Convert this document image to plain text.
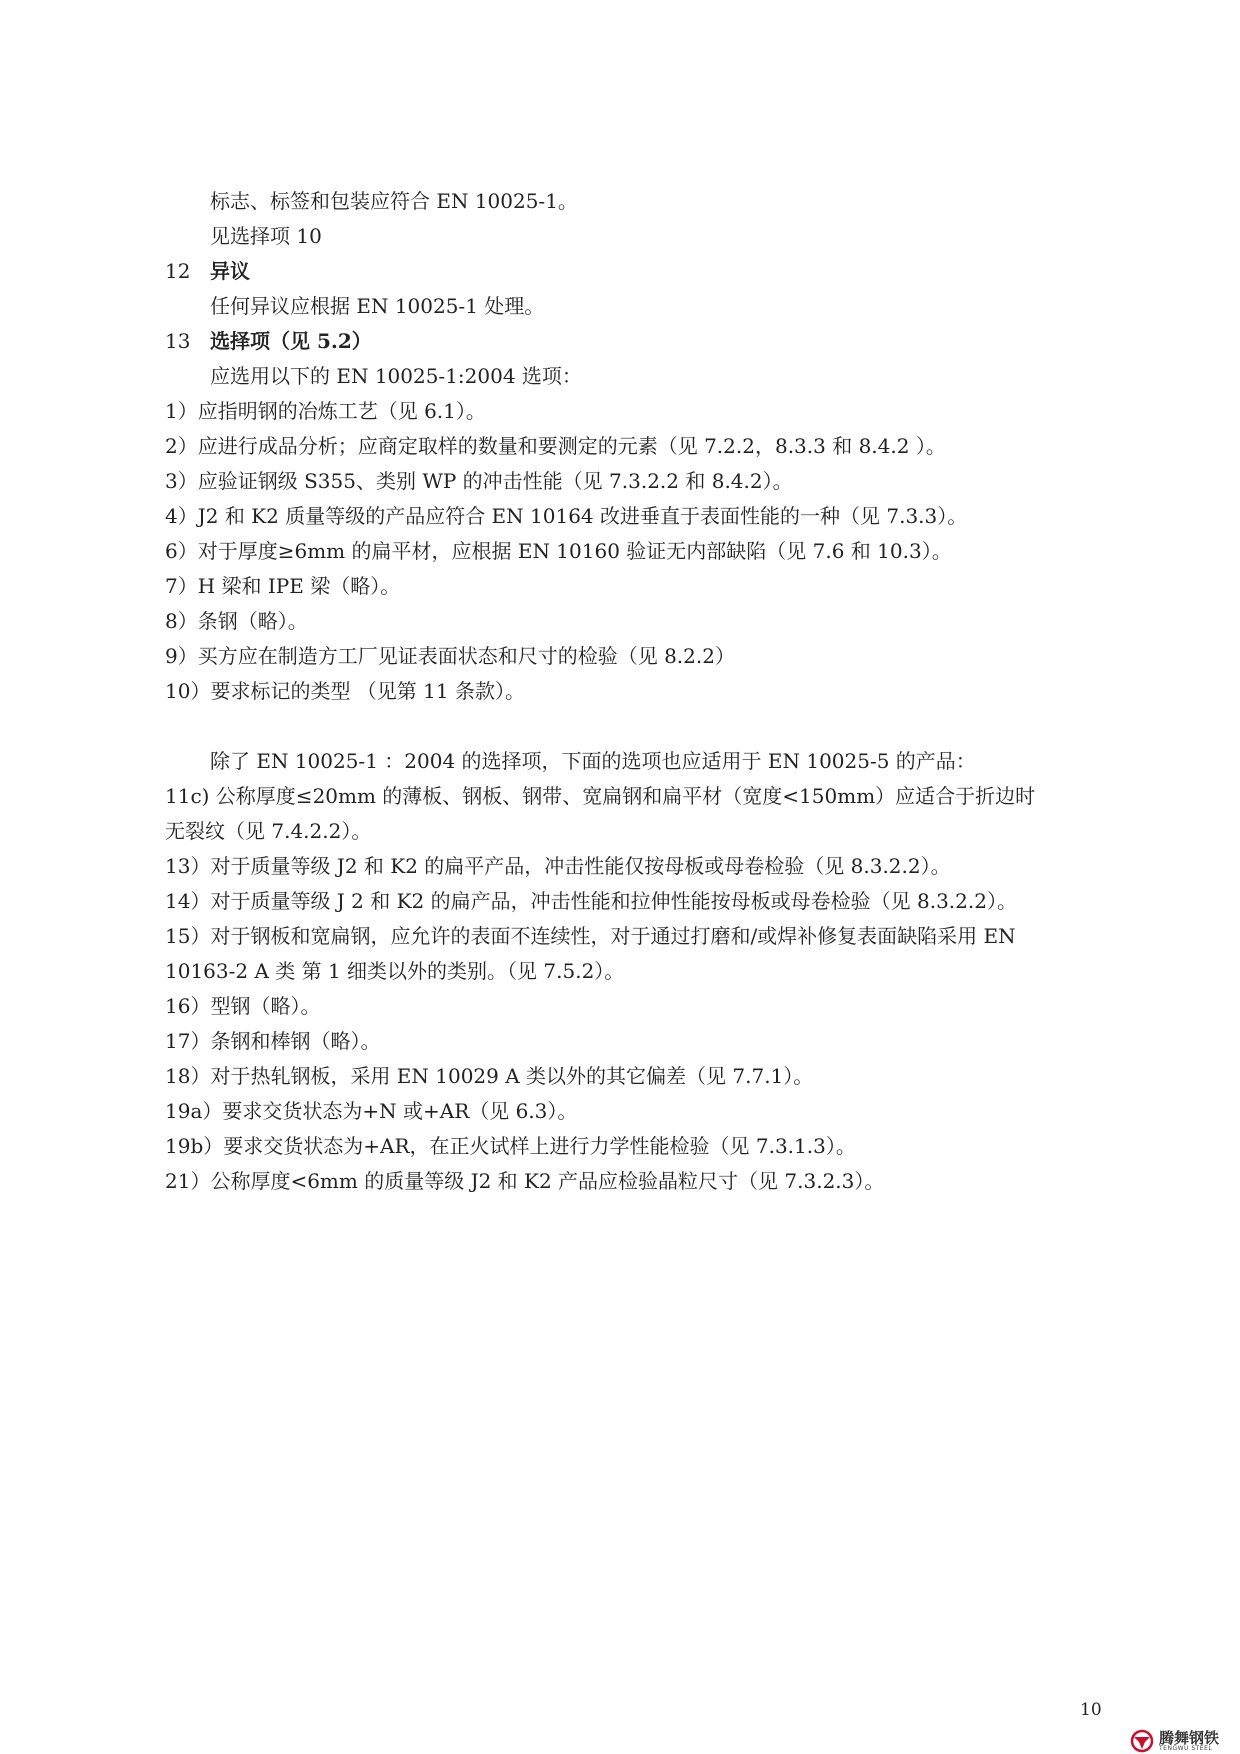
标志、标签和包装应符合 EN 10025-1。
见选择项 10
12 异议
任何异议应根据 EN 10025-1 处理。
13 选择项（见 5.2）
应选用以下的 EN 10025-1:2004 选项：
1）应指明钢的冶炼工艺（见 6.1）。
2）应进行成品分析；应商定取样的数量和要测定的元素（见 7.2.2，8.3.3 和 8.4.2 ）。
3）应验证钢级 S355、类别 WP 的冲击性能（见 7.3.2.2 和 8.4.2）。
4）J2 和 K2 质量等级的产品应符合 EN 10164 改进垂直于表面性能的一种（见 7.3.3）。
6）对于厚度≥6mm 的扁平材，应根据 EN 10160 验证无内部缺陷（见 7.6 和 10.3）。
7）H 梁和 IPE 梁（略）。
8）条钢（略）。
9）买方应在制造方工厂见证表面状态和尺寸的检验（见 8.2.2）
10）要求标记的类型 （见第 11 条款）。
除了 EN 10025-1 ：2004 的选择项，下面的选项也应适用于 EN 10025-5 的产品：
11c) 公称厚度≤20mm 的薄板、钢板、钢带、宽扁钢和扁平材（宽度<150mm）应适合于折边时
无裂纹（见 7.4.2.2）。
13）对于质量等级 J2 和 K2 的扁平产品，冲击性能仅按母板或母卷检验（见 8.3.2.2）。
14）对于质量等级 J 2 和 K2 的扁产品，冲击性能和拉伸性能按母板或母卷检验（见 8.3.2.2）。
15）对于钢板和宽扁钢，应允许的表面不连续性，对于通过打磨和/或焊补修复表面缺陷采用 EN
10163-2 A 类 第 1 细类以外的类别。（见 7.5.2）。
16）型钢（略）。
17）条钢和棒钢（略）。
18）对于热轧钢板，采用 EN 10029 A 类以外的其它偏差（见 7.7.1）。
19a）要求交货状态为+N 或+AR（见 6.3）。
19b）要求交货状态为+AR，在正火试样上进行力学性能检验（见 7.3.1.3）。
21）公称厚度<6mm 的质量等级 J2 和 K2 产品应检验晶粒尺寸（见 7.3.2.3）。
10
腾舞钢铁
TENGWU STEEL
